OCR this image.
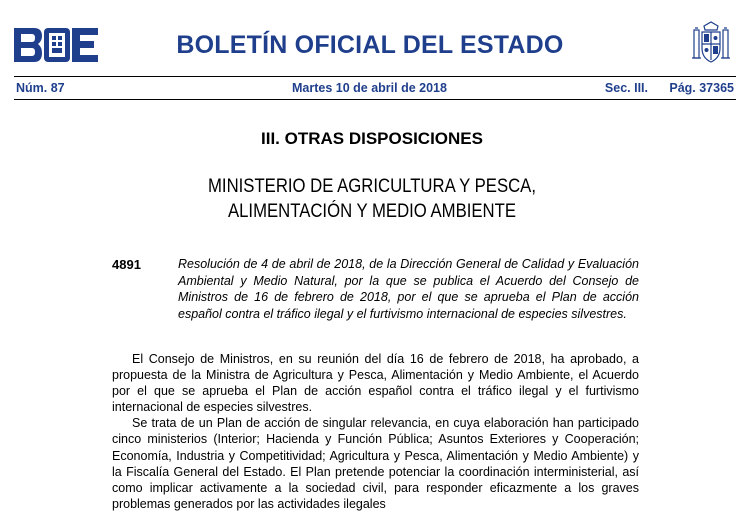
BOLETÍN OFICIAL DEL ESTADO
Núm. 87	Martes 10 de abril de 2018	Sec. III. Pág. 37365
III. OTRAS DISPOSICIONES
MINISTERIO DE AGRICULTURA Y PESCA,
ALIMENTACIÓN Y MEDIO AMBIENTE
4891	Resolución de 4 de abril de 2018, de la Dirección General de Calidad y Evaluación Ambiental y Medio Natural, por la que se publica el Acuerdo del Consejo de Ministros de 16 de febrero de 2018, por el que se aprueba el Plan de acción español contra el tráfico ilegal y el furtivismo internacional de especies silvestres.

El Consejo de Ministros, en su reunión del día 16 de febrero de 2018, ha aprobado, a propuesta de la Ministra de Agricultura y Pesca, Alimentación y Medio Ambiente, el Acuerdo por el que se aprueba el Plan de acción español contra el tráfico ilegal y el furtivismo internacional de especies silvestres.

Se trata de un Plan de acción de singular relevancia, en cuya elaboración han participado cinco ministerios (Interior; Hacienda y Función Pública; Asuntos Exteriores y Cooperación; Economía, Industria y Competitividad; Agricultura y Pesca, Alimentación y Medio Ambiente) y la Fiscalía General del Estado. El Plan pretende potenciar la coordinación interministerial, así como implicar activamente a la sociedad civil, para responder eficazmente a los graves problemas generados por las actividades ilegales
